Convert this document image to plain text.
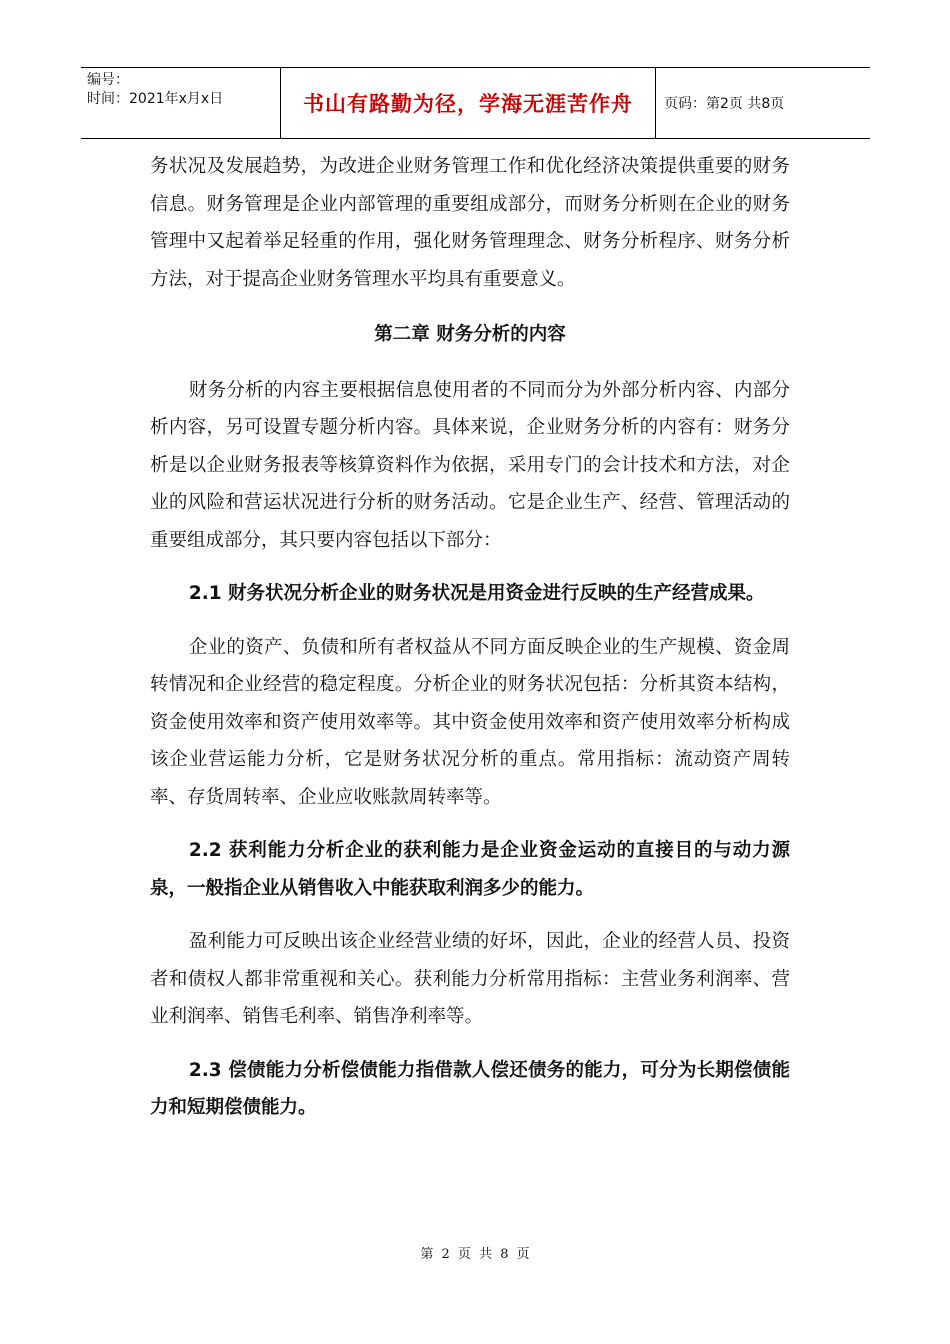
编号：
时间：2021年x月x日	书山有路勤为径，学海无涯苦作舟	页码：第2页 共8页

务状况及发展趋势，为改进企业财务管理工作和优化经济决策提供重要的财务信息。财务管理是企业内部管理的重要组成部分，而财务分析则在企业的财务管理中又起着举足轻重的作用，强化财务管理理念、财务分析程序、财务分析方法，对于提高企业财务管理水平均具有重要意义。

第二章 财务分析的内容

财务分析的内容主要根据信息使用者的不同而分为外部分析内容、内部分析内容，另可设置专题分析内容。具体来说，企业财务分析的内容有：财务分析是以企业财务报表等核算资料作为依据，采用专门的会计技术和方法，对企业的风险和营运状况进行分析的财务活动。它是企业生产、经营、管理活动的重要组成部分，其只要内容包括以下部分：

2.1 财务状况分析企业的财务状况是用资金进行反映的生产经营成果。

企业的资产、负债和所有者权益从不同方面反映企业的生产规模、资金周转情况和企业经营的稳定程度。分析企业的财务状况包括：分析其资本结构，资金使用效率和资产使用效率等。其中资金使用效率和资产使用效率分析构成该企业营运能力分析，它是财务状况分析的重点。常用指标：流动资产周转率、存货周转率、企业应收账款周转率等。

2.2 获利能力分析企业的获利能力是企业资金运动的直接目的与动力源泉，一般指企业从销售收入中能获取利润多少的能力。

盈利能力可反映出该企业经营业绩的好坏，因此，企业的经营人员、投资者和债权人都非常重视和关心。获利能力分析常用指标：主营业务利润率、营业利润率、销售毛利率、销售净利率等。

2.3 偿债能力分析偿债能力指借款人偿还债务的能力，可分为长期偿债能力和短期偿债能力。
第 2 页 共 8 页
